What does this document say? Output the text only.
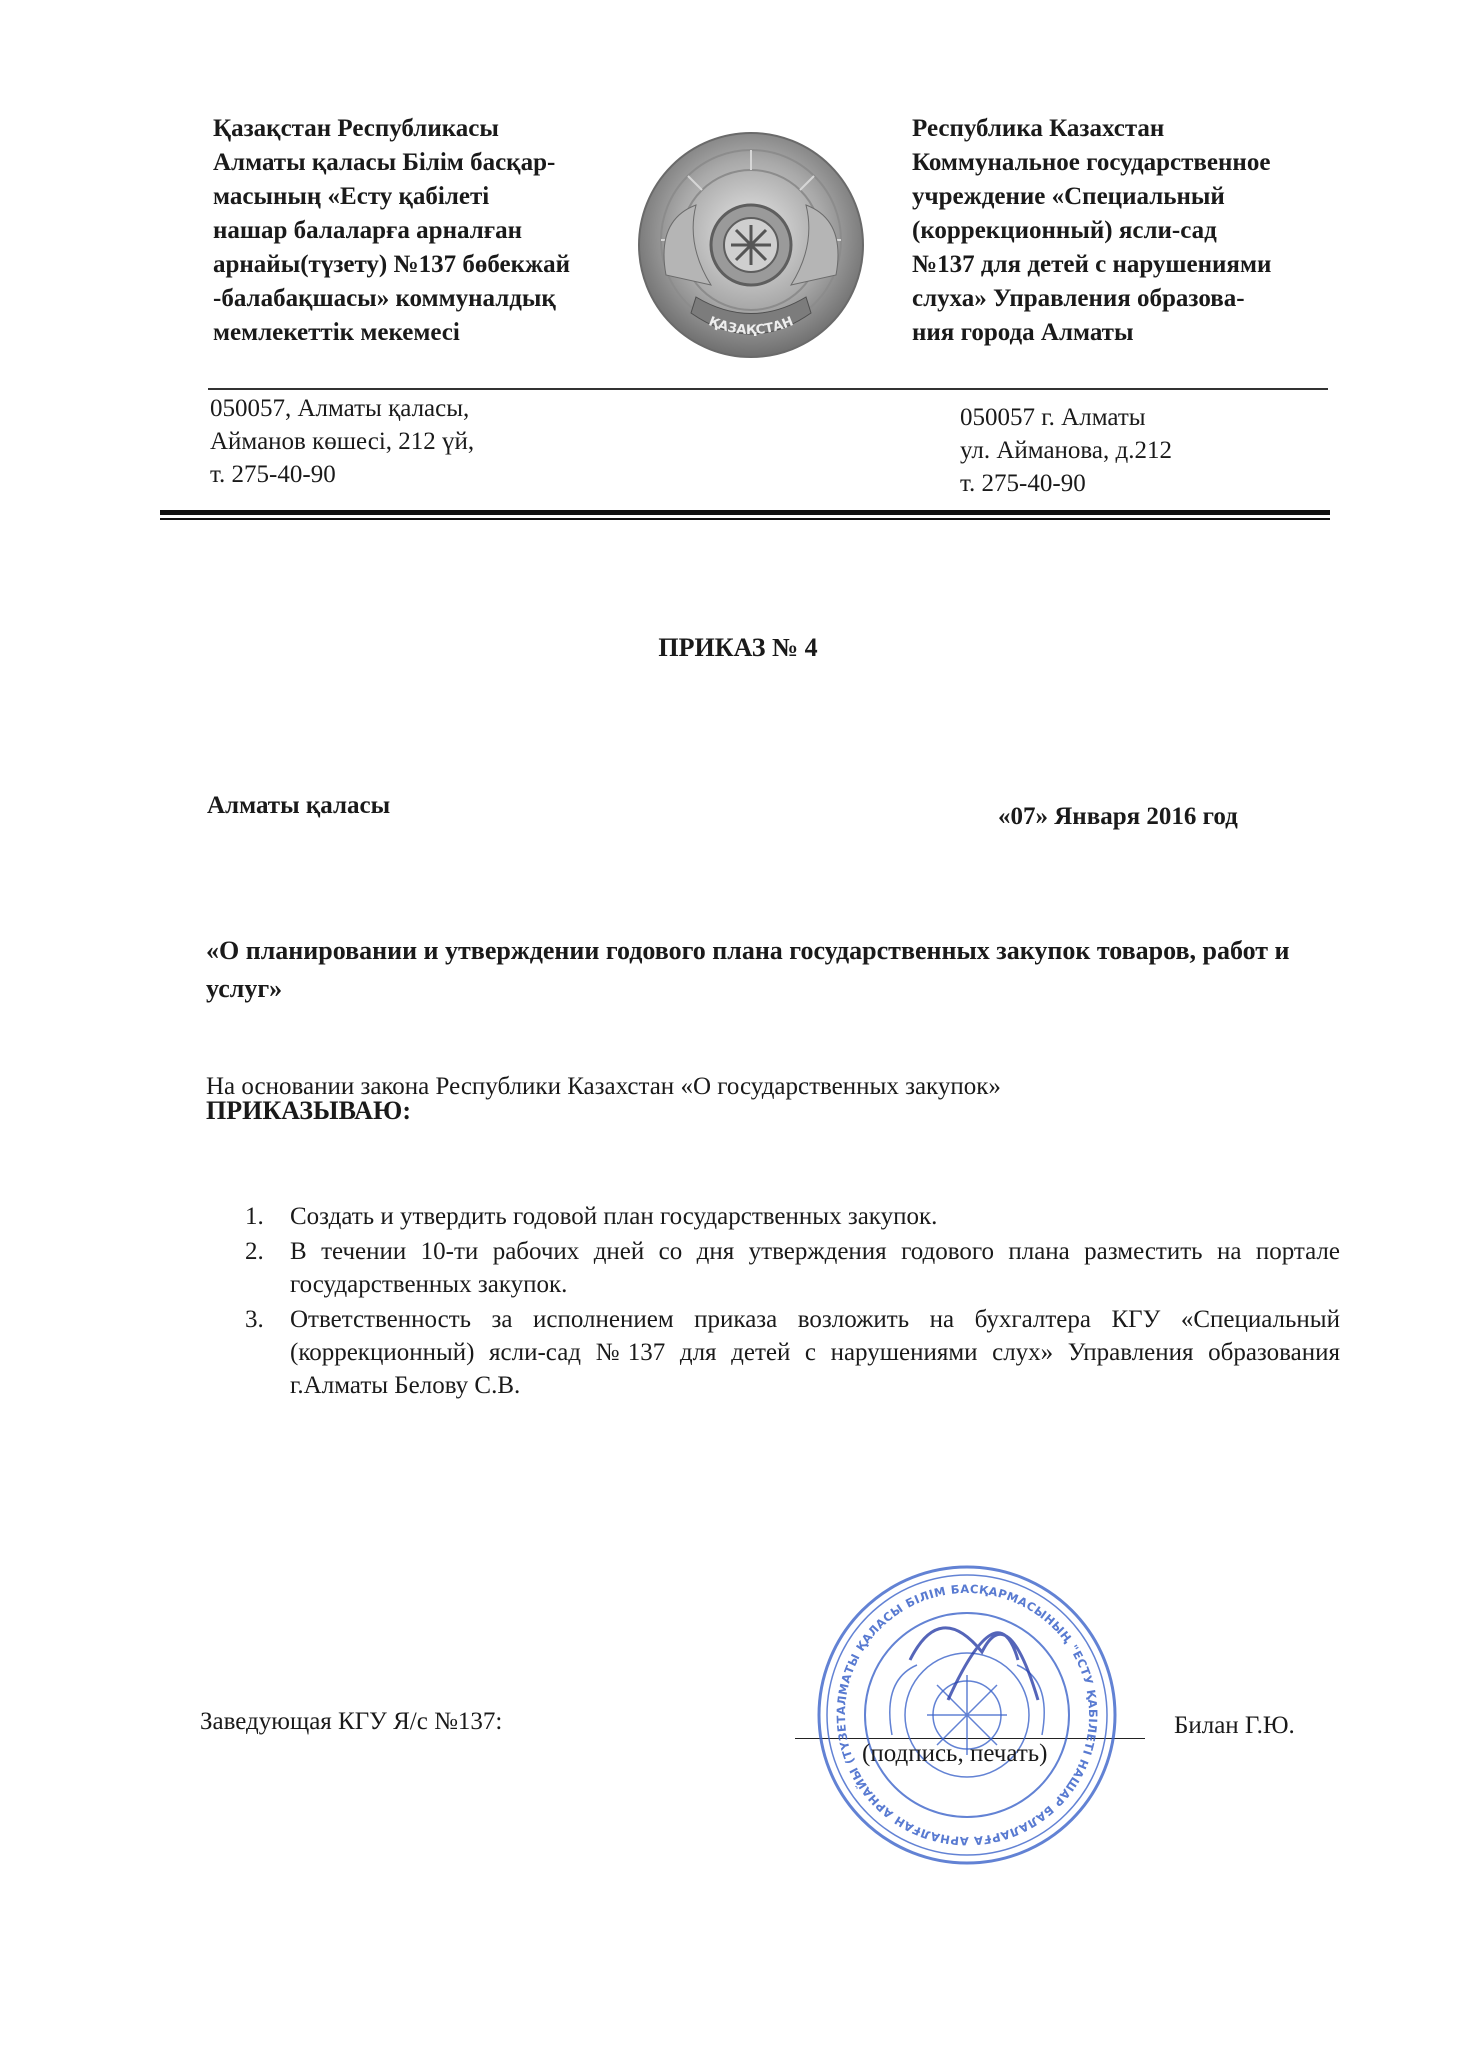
Қазақстан Республикасы
Алматы қаласы Білім басқар-
масының «Есту қабілеті
нашар балаларға арналған
арнайы(түзету) №137 бөбекжай
-балабақшасы» коммуналдық
мемлекеттік мекемесі	ҚАЗАҚСТАН
Республика Казахстан
Коммунальное государственное
учреждение «Специальный
(коррекционный) ясли-сад
№137 для детей с нарушениями
слуха» Управления образова-
ния города Алматы
050057, Алматы қаласы,
Айманов көшесі, 212 үй,
т. 275-40-90
050057 г. Алматы
ул. Айманова, д.212
т. 275-40-90
ПРИКАЗ № 4
Алматы қаласы	«07» Января 2016 год
«О планировании и утверждении годового плана государственных закупок товаров, работ и услуг»
На основании закона Республики Казахстан «О государственных закупок»
ПРИКАЗЫВАЮ:
1. Создать и утвердить годовой план государственных закупок.
2. В течении 10-ти рабочих дней со дня утверждения годового плана разместить на портале государственных закупок.
3. Ответственность за исполнением приказа возложить на бухгалтера КГУ «Специальный (коррекционный) ясли-сад №137 для детей с нарушениями слух» Управления образования г.Алматы Белову С.В.
Заведующая КГУ Я/с №137:	Билан Г.Ю.
АЛМАТЫ ҚАЛАСЫ БІЛІМ БАСҚАРМАСЫНЫҢ "ЕСТУ ҚАБІЛЕТІ НАШАР БАЛАЛАРҒА АРНАЛҒАН АРНАЙЫ (ТҮЗЕТ
(подпись, печать)
